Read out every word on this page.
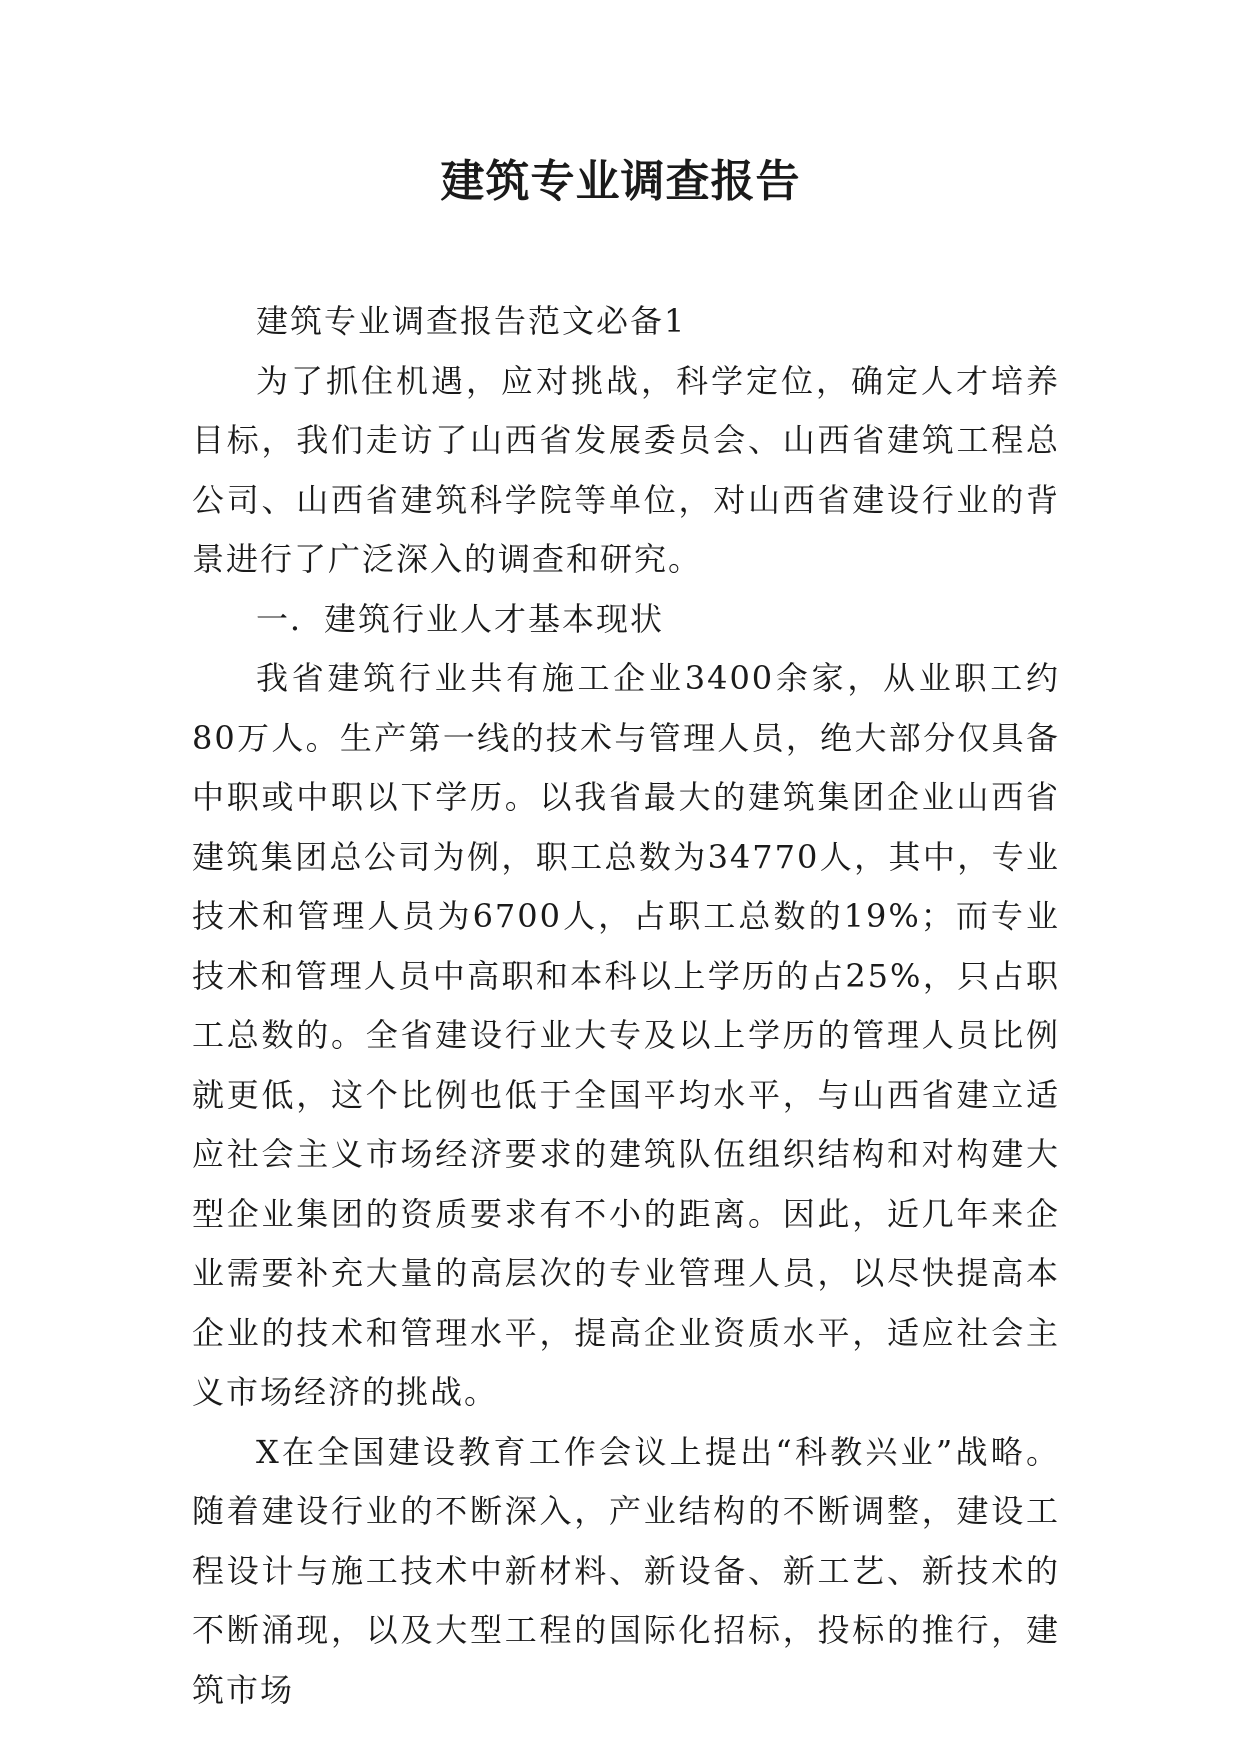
建筑专业调查报告

建筑专业调查报告范文必备1

为了抓住机遇，应对挑战，科学定位，确定人才培养目标，我们走访了山西省发展委员会、山西省建筑工程总公司、山西省建筑科学院等单位，对山西省建设行业的背景进行了广泛深入的调查和研究。

一．建筑行业人才基本现状

我省建筑行业共有施工企业3400余家，从业职工约80万人。生产第一线的技术与管理人员，绝大部分仅具备中职或中职以下学历。以我省最大的建筑集团企业山西省建筑集团总公司为例，职工总数为34770人，其中，专业技术和管理人员为6700人，占职工总数的19%；而专业技术和管理人员中高职和本科以上学历的占25%，只占职工总数的。全省建设行业大专及以上学历的管理人员比例就更低，这个比例也低于全国平均水平，与山西省建立适应社会主义市场经济要求的建筑队伍组织结构和对构建大型企业集团的资质要求有不小的距离。因此，近几年来企业需要补充大量的高层次的专业管理人员，以尽快提高本企业的技术和管理水平，提高企业资质水平，适应社会主义市场经济的挑战。

X在全国建设教育工作会议上提出“科教兴业”战略。随着建设行业的不断深入，产业结构的不断调整，建设工程设计与施工技术中新材料、新设备、新工艺、新技术的不断涌现，以及大型工程的国际化招标，投标的推行，建筑市场
